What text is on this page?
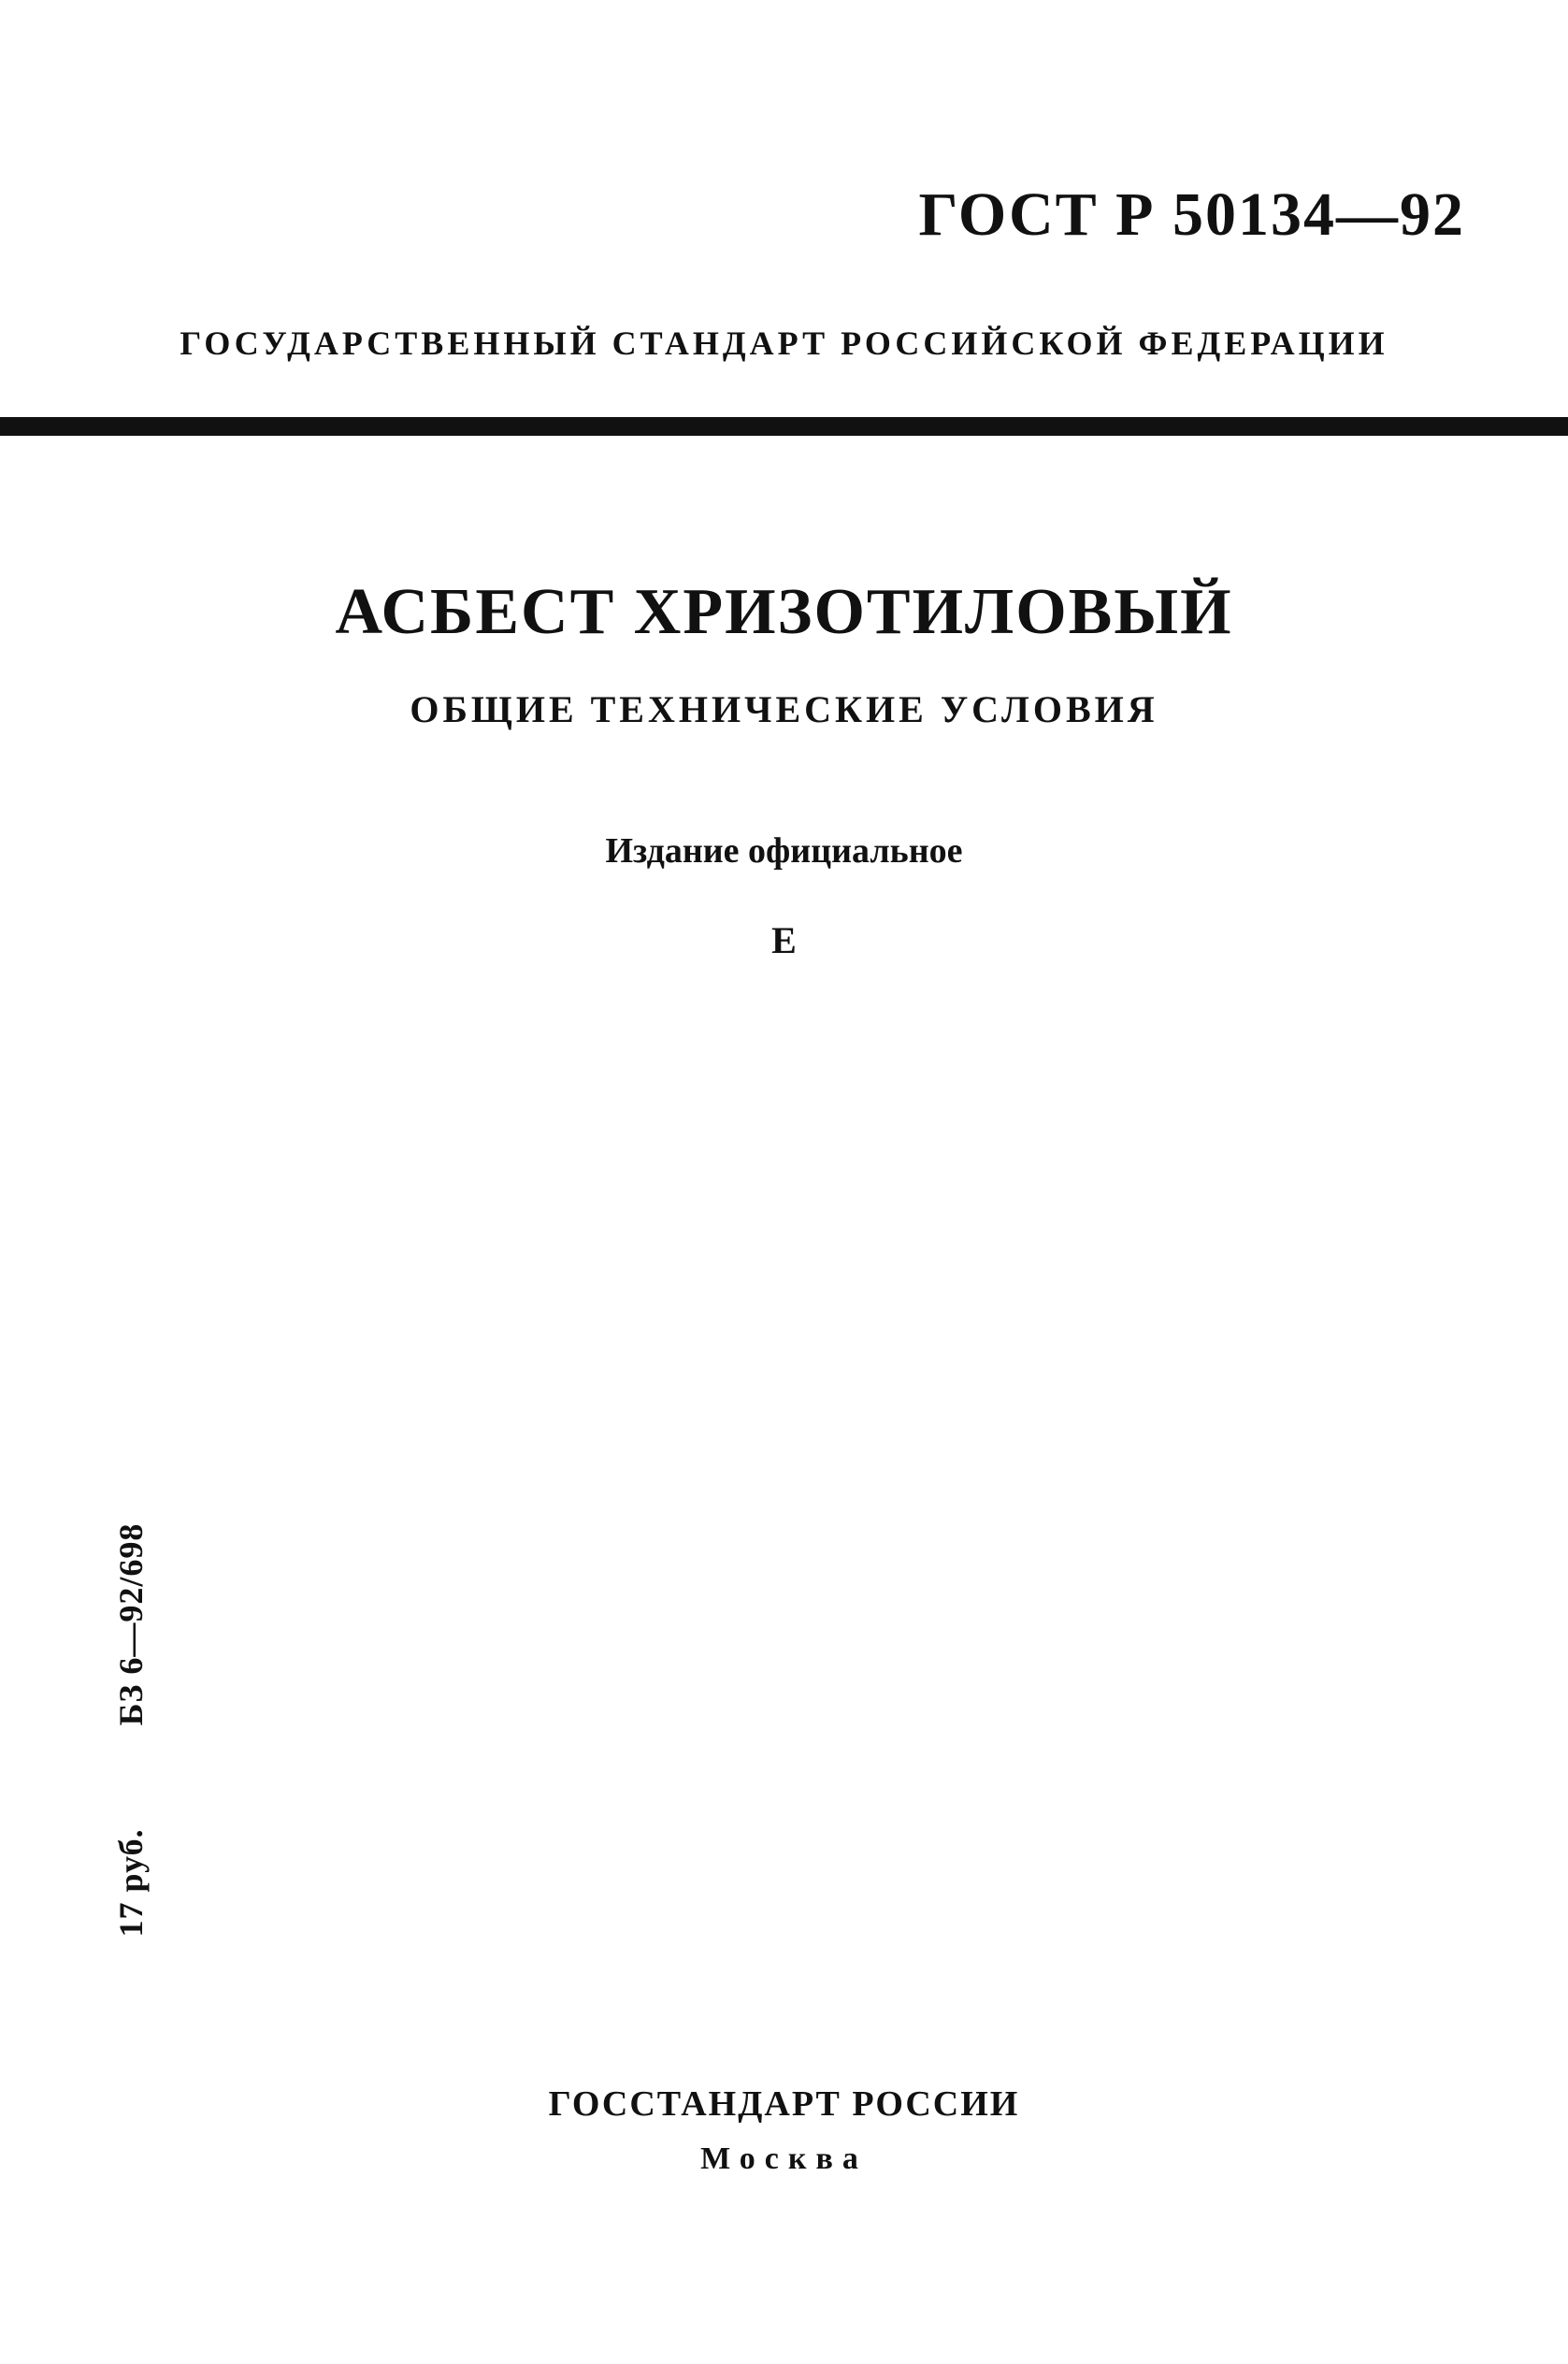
ГОСТ Р 50134—92
ГОСУДАРСТВЕННЫЙ СТАНДАРТ РОССИЙСКОЙ ФЕДЕРАЦИИ
АСБЕСТ ХРИЗОТИЛОВЫЙ
ОБЩИЕ ТЕХНИЧЕСКИЕ УСЛОВИЯ
Издание официальное
Е
17 руб.БЗ 6—92/698
ГОССТАНДАРТ РОССИИ
Москва
